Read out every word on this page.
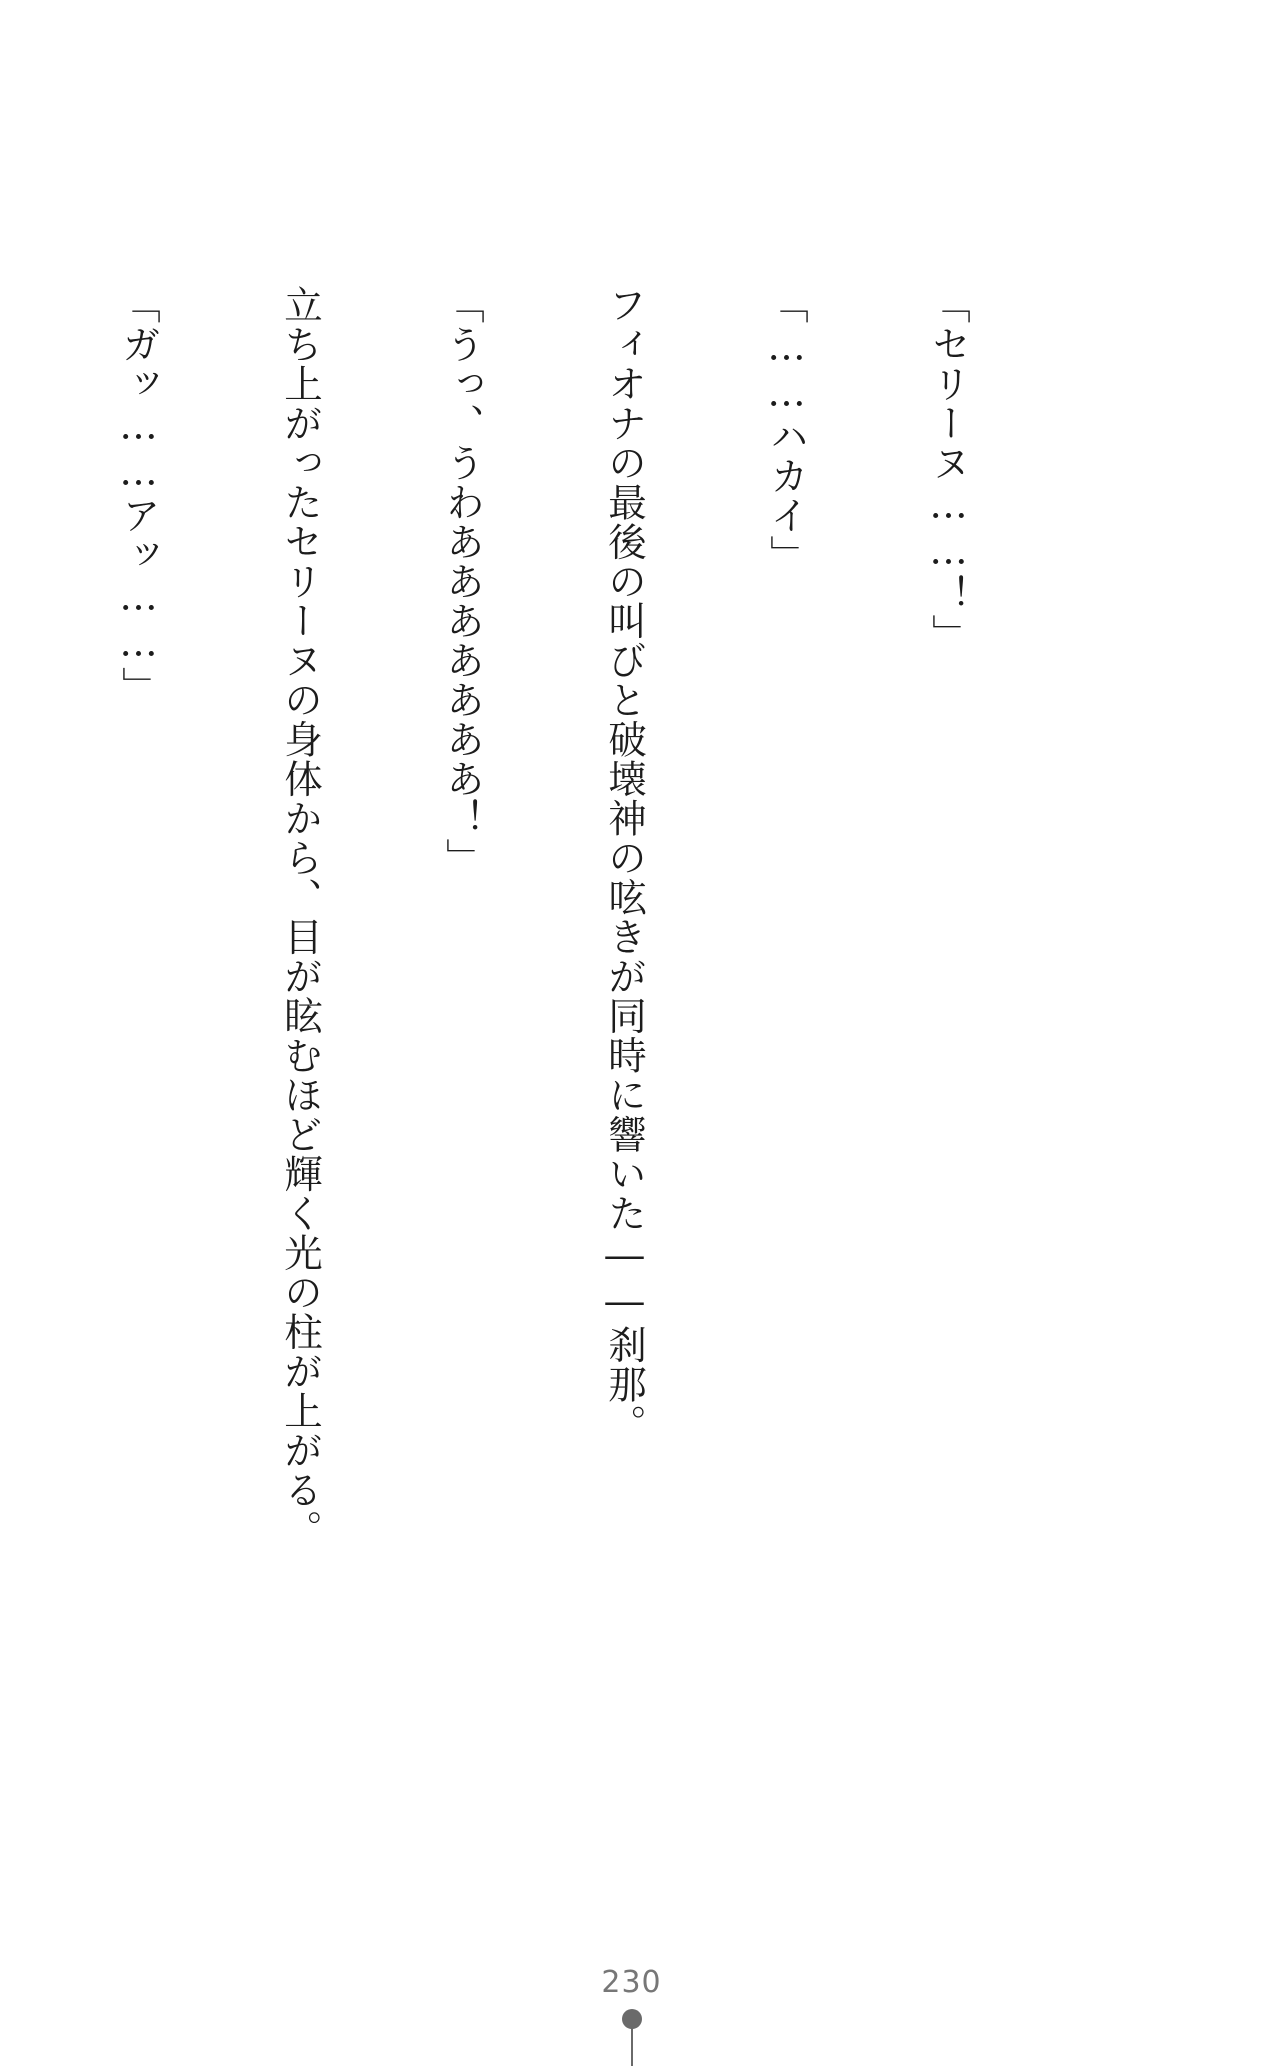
「セリーヌ……！」

「……ハカイ」

フィオナの最後の叫びと破壊神の呟きが同時に響いた――刹那。

「うっ、うわあああああああ！」

立ち上がったセリーヌの身体から、目が眩むほど輝く光の柱が上がる。

「ガッ……アッ……」

230
